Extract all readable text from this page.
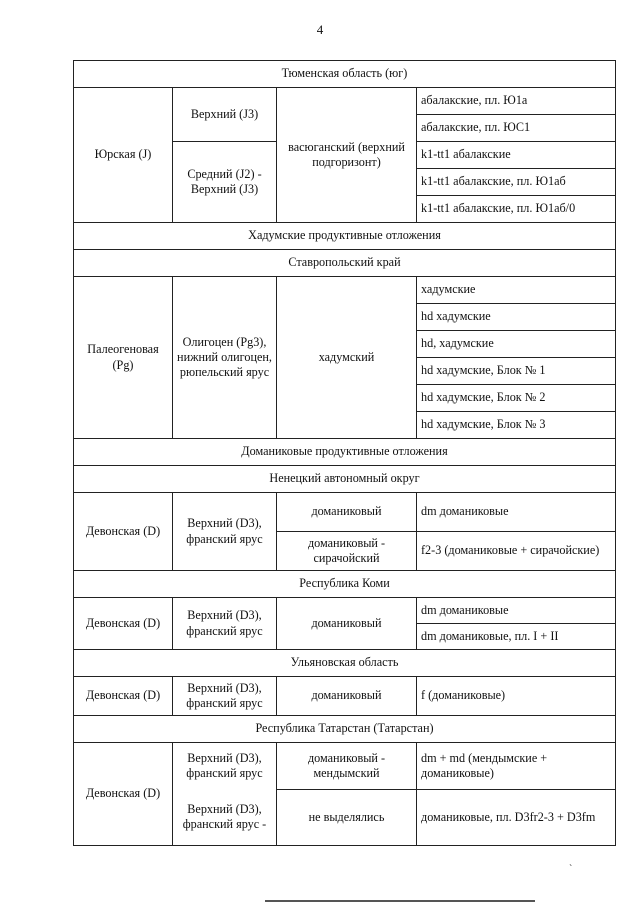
4
Тюменская область (юг)			
Юрская (J)	Верхний (J3)	васюганский (верхний подгоризонт)	абалакские, пл. Ю1а
			абалакские, пл. ЮС1
	Средний (J2) - Верхний (J3)		k1-tt1 абалакские
			k1-tt1 абалакские, пл. Ю1аб
			k1-tt1 абалакские, пл. Ю1аб/0
Хадумские продуктивные отложения			
Ставропольский край			
Палеогеновая (Pg)	Олигоцен (Pg3), нижний олигоцен, рюпельский ярус	хадумский	хадумские
			hd хадумские
			hd, хадумские
			hd хадумские, Блок № 1
			hd хадумские, Блок № 2
			hd хадумские, Блок № 3
Доманиковые продуктивные отложения			
Ненецкий автономный округ			
Девонская (D)	Верхний (D3), франский ярус	доманиковый	dm доманиковые
		доманиковый - сирачойский	f2-3 (доманиковые + сирачойские)
Республика Коми			
Девонская (D)	Верхний (D3), франский ярус	доманиковый	dm доманиковые
			dm доманиковые, пл. I + II
Ульяновская область			
Девонская (D)	Верхний (D3), франский ярус	доманиковый	f (доманиковые)
Республика Татарстан (Татарстан)			
Девонская (D)	Верхний (D3), франский ярус	доманиковый - мендымский	dm + md (мендымские + доманиковые)
	Верхний (D3), франский ярус -	не выделялись	доманиковые, пл. D3fr2-3 + D3fm
`
